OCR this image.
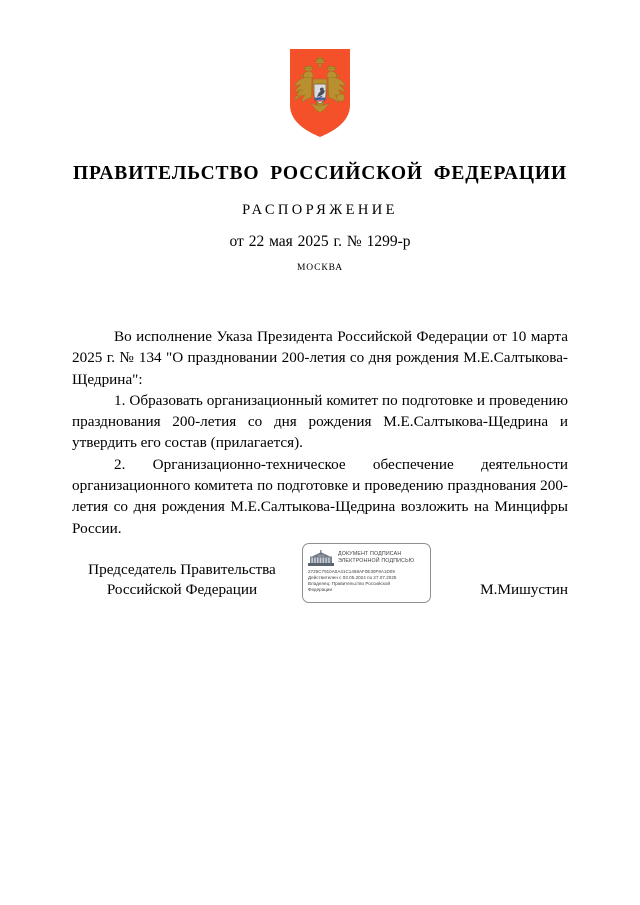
ПРАВИТЕЛЬСТВО РОССИЙСКОЙ ФЕДЕРАЦИИ
РАСПОРЯЖЕНИЕ
от 22 мая 2025 г. № 1299-р
МОСКВА

Во исполнение Указа Президента Российской Федерации от 10 марта 2025 г. № 134 "О праздновании 200-летия со дня рождения М.Е.Салтыкова-Щедрина":

1. Образовать организационный комитет по подготовке и проведению празднования 200-летия со дня рождения М.Е.Салтыкова-Щедрина и утвердить его состав (прилагается).

2. Организационно-техническое обеспечение деятельности организационного комитета по подготовке и проведению празднования 200-летия со дня рождения М.Е.Салтыкова-Щедрина возложить на Минцифры России.

Председатель Правительства
Российской Федерации	М.Мишустин
ДОКУМЕНТ ПОДПИСАН
ЭЛЕКТРОННОЙ ПОДПИСЬЮ
2729C7910A0A41C1458AF0E30F8A1D09
Действителен с 03.05.2024 по 27.07.2025
Владелец: Правительство Российской
Федерации
